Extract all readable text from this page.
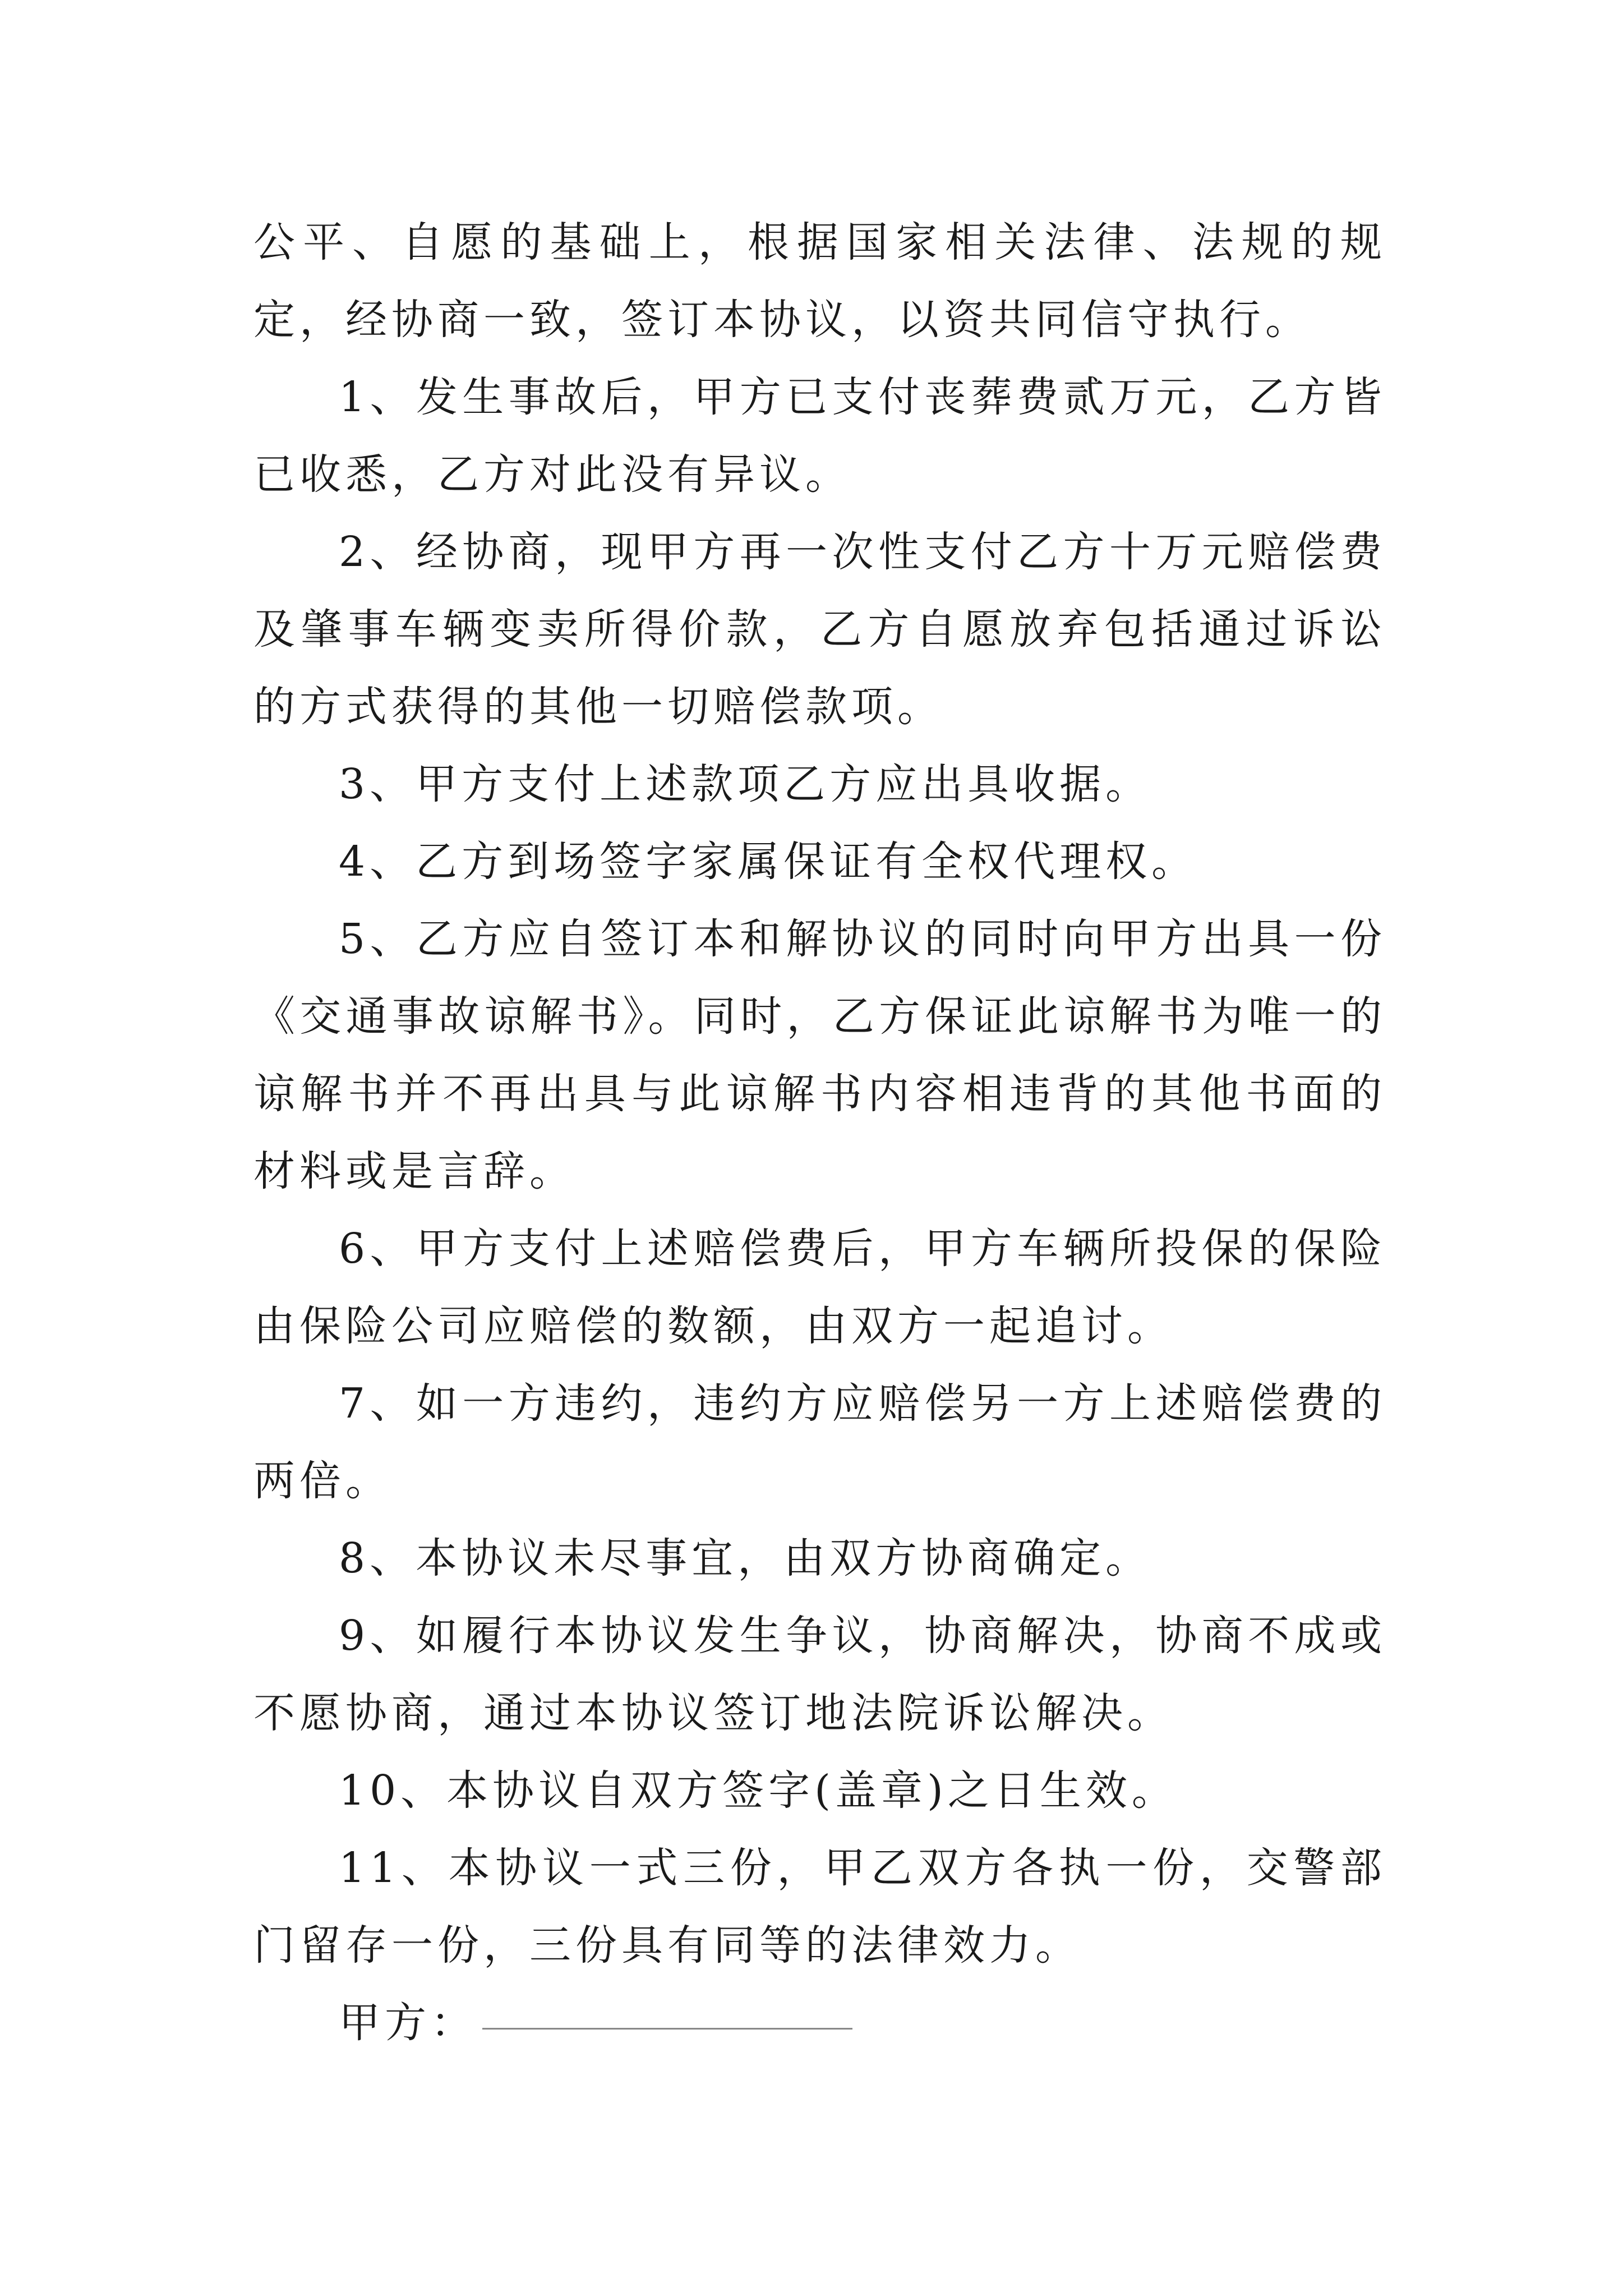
公平、自愿的基础上，根据国家相关法律、法规的规定，经协商一致，签订本协议，以资共同信守执行。

1、发生事故后，甲方已支付丧葬费贰万元，乙方皆已收悉，乙方对此没有异议。

2、经协商，现甲方再一次性支付乙方十万元赔偿费及肇事车辆变卖所得价款，乙方自愿放弃包括通过诉讼的方式获得的其他一切赔偿款项。

3、甲方支付上述款项乙方应出具收据。

4、乙方到场签字家属保证有全权代理权。

5、乙方应自签订本和解协议的同时向甲方出具一份《交通事故谅解书》。同时，乙方保证此谅解书为唯一的谅解书并不再出具与此谅解书内容相违背的其他书面的材料或是言辞。

6、甲方支付上述赔偿费后，甲方车辆所投保的保险由保险公司应赔偿的数额，由双方一起追讨。

7、如一方违约，违约方应赔偿另一方上述赔偿费的两倍。

8、本协议未尽事宜，由双方协商确定。

9、如履行本协议发生争议，协商解决，协商不成或不愿协商，通过本协议签订地法院诉讼解决。

10、本协议自双方签字(盖章)之日生效。

11、本协议一式三份，甲乙双方各执一份，交警部门留存一份，三份具有同等的法律效力。

甲方：
